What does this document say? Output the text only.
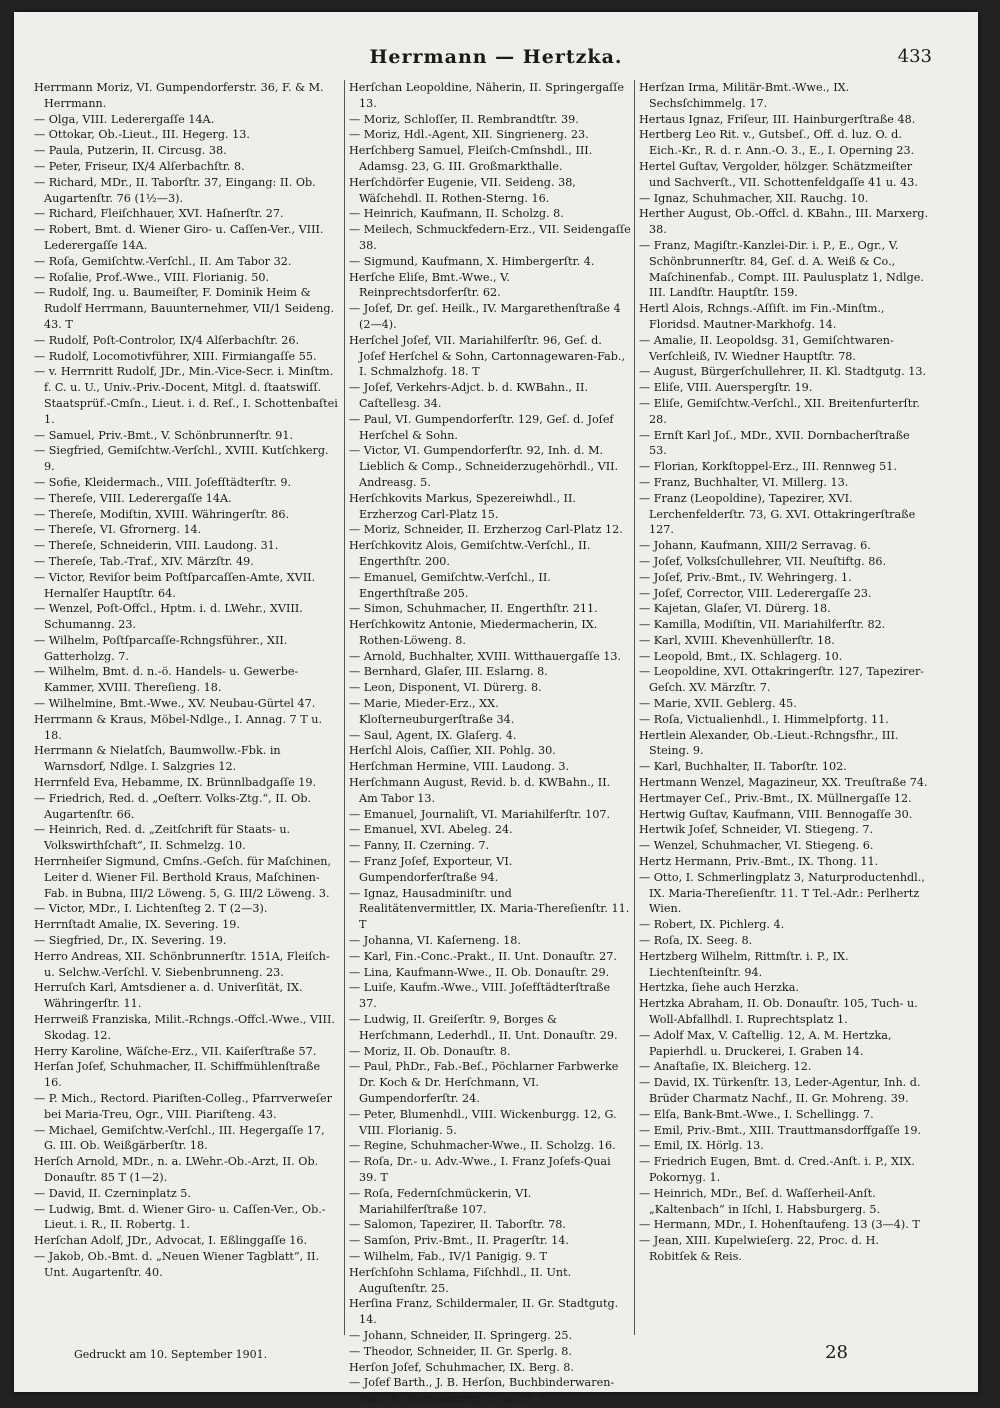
Herrmann — Hertzka.	433

Herrmann Moriz, VI. Gumpendorferstr. 36, F. & M. Herrmann.

— Olga, VIII. Lederergaſſe 14A.

— Ottokar, Ob.-Lieut., III. Hegerg. 13.

— Paula, Putzerin, II. Circusg. 38.

— Peter, Friseur, IX/4 Alſerbachſtr. 8.

— Richard, MDr., II. Taborſtr. 37, Eingang: II. Ob. Augartenſtr. 76 (1½—3).

— Richard, Fleiſchhauer, XVI. Haſnerſtr. 27.

— Robert, Bmt. d. Wiener Giro- u. Caſſen-Ver., VIII. Lederergaſſe 14A.

— Roſa, Gemiſchtw.-Verſchl., II. Am Tabor 32.

— Roſalie, Prof.-Wwe., VIII. Florianig. 50.

— Rudolf, Ing. u. Baumeiſter, F. Dominik Heim & Rudolf Herrmann, Bauunternehmer, VII/1 Seideng. 43. T

— Rudolf, Poſt-Controlor, IX/4 Alſerbachſtr. 26.

— Rudolf, Locomotivführer, XIII. Firmiangaſſe 55.

— v. Herrnritt Rudolf, JDr., Min.-Vice-Secr. i. Minſtm. f. C. u. U., Univ.-Priv.-Docent, Mitgl. d. ſtaatswiſſ. Staatsprüf.-Cmſn., Lieut. i. d. Reſ., I. Schottenbaſtei 1.

— Samuel, Priv.-Bmt., V. Schönbrunnerſtr. 91.

— Siegfried, Gemiſchtw.-Verſchl., XVIII. Kutſchkerg. 9.

— Sofie, Kleidermach., VIII. Joſefſtädterſtr. 9.

— Thereſe, VIII. Lederergaſſe 14A.

— Thereſe, Modiſtin, XVIII. Währingerſtr. 86.

— Thereſe, VI. Gfrornerg. 14.

— Thereſe, Schneiderin, VIII. Laudong. 31.

— Thereſe, Tab.-Traf., XIV. Märzſtr. 49.

— Victor, Reviſor beim Poſtſparcaſſen-Amte, XVII. Hernalſer Hauptſtr. 64.

— Wenzel, Poſt-Offcl., Hptm. i. d. LWehr., XVIII. Schumanng. 23.

— Wilhelm, Poſtſparcaſſe-Rchngsführer., XII. Gatterholzg. 7.

— Wilhelm, Bmt. d. n.-ö. Handels- u. Gewerbe-Kammer, XVIII. Thereſieng. 18.

— Wilhelmine, Bmt.-Wwe., XV. Neubau-Gürtel 47.

Herrmann & Kraus, Möbel-Ndlge., I. Annag. 7 T u. 18.

Herrmann & Nielatſch, Baumwollw.-Fbk. in Warnsdorf, Ndlge. I. Salzgries 12.

Herrnfeld Eva, Hebamme, IX. Brünnlbadgaſſe 19.

— Friedrich, Red. d. „Oeſterr. Volks-Ztg.“, II. Ob. Augartenſtr. 66.

— Heinrich, Red. d. „Zeitſchrift für Staats- u. Volkswirthſchaft“, II. Schmelzg. 10.

Herrnheiſer Sigmund, Cmſns.-Geſch. für Maſchinen, Leiter d. Wiener Fil. Berthold Kraus, Maſchinen-Fab. in Bubna, III/2 Löweng. 5, G. III/2 Löweng. 3.

— Victor, MDr., I. Lichtenſteg 2. T (2—3).

Herrnſtadt Amalie, IX. Severing. 19.

— Siegfried, Dr., IX. Severing. 19.

Herro Andreas, XII. Schönbrunnerſtr. 151A, Fleiſch- u. Selchw.-Verſchl. V. Siebenbrunneng. 23.

Herruſch Karl, Amtsdiener a. d. Univerſität, IX. Währingerſtr. 11.

Herrweiß Franziska, Milit.-Rchngs.-Offcl.-Wwe., VIII. Skodag. 12.

Herry Karoline, Wäſche-Erz., VII. Kaiſerſtraße 57.

Herſan Joſef, Schuhmacher, II. Schiffmühlenſtraße 16.

— P. Mich., Rectord. Piariſten-Colleg., Pfarrverweſer bei Maria-Treu, Ogr., VIII. Piariſteng. 43.

— Michael, Gemiſchtw.-Verſchl., III. Hegergaſſe 17, G. III. Ob. Weißgärberſtr. 18.

Herſch Arnold, MDr., n. a. LWehr.-Ob.-Arzt, II. Ob. Donauſtr. 85 T (1—2).

— David, II. Czerninplatz 5.

— Ludwig, Bmt. d. Wiener Giro- u. Caſſen-Ver., Ob.-Lieut. i. R., II. Robertg. 1.

Herſchan Adolf, JDr., Advocat, I. Eßlinggaſſe 16.

— Jakob, Ob.-Bmt. d. „Neuen Wiener Tagblatt“, II. Unt. Augartenſtr. 40.

Herſchan Leopoldine, Näherin, II. Springergaſſe 13.

— Moriz, Schloſſer, II. Rembrandtſtr. 39.

— Moriz, Hdl.-Agent, XII. Singrienerg. 23.

Herſchberg Samuel, Fleiſch-Cmſnshdl., III. Adamsg. 23, G. III. Großmarkthalle.

Herſchdörfer Eugenie, VII. Seideng. 38, Wäſchehdl. II. Rothen-Sterng. 16.

— Heinrich, Kaufmann, II. Scholzg. 8.

— Meilech, Schmuckfedern-Erz., VII. Seidengaſſe 38.

— Sigmund, Kaufmann, X. Himbergerſtr. 4.

Herſche Eliſe, Bmt.-Wwe., V. Reinprechtsdorferſtr. 62.

— Joſef, Dr. geſ. Heilk., IV. Margarethenſtraße 4 (2—4).

Herſchel Joſef, VII. Mariahilferſtr. 96, Geſ. d. Joſef Herſchel & Sohn, Cartonnagewaren-Fab., I. Schmalzhofg. 18. T

— Joſef, Verkehrs-Adjct. b. d. KWBahn., II. Caſtelleзg. 34.

— Paul, VI. Gumpendorferſtr. 129, Geſ. d. Joſef Herſchel & Sohn.

— Victor, VI. Gumpendorferſtr. 92, Inh. d. M. Lieblich & Comp., Schneiderzugehörhdl., VII. Andreasg. 5.

Herſchkovits Markus, Spezereiwhdl., II. Erzherzog Carl-Platz 15.

— Moriz, Schneider, II. Erzherzog Carl-Platz 12.

Herſchkovitz Alois, Gemiſchtw.-Verſchl., II. Engerthſtr. 200.

— Emanuel, Gemiſchtw.-Verſchl., II. Engerthſtraße 205.

— Simon, Schuhmacher, II. Engerthſtr. 211.

Herſchkowitz Antonie, Miedermacherin, IX. Rothen-Löweng. 8.

— Arnold, Buchhalter, XVIII. Witthauergaſſe 13.

— Bernhard, Glaſer, III. Eslarng. 8.

— Leon, Disponent, VI. Dürerg. 8.

— Marie, Mieder-Erz., XX. Kloſterneuburgerſtraße 34.

— Saul, Agent, IX. Glaſerg. 4.

Herſchl Alois, Caſſier, XII. Pohlg. 30.

Herſchman Hermine, VIII. Laudong. 3.

Herſchmann August, Revid. b. d. KWBahn., II. Am Tabor 13.

— Emanuel, Journaliſt, VI. Mariahilferſtr. 107.

— Emanuel, XVI. Abeleg. 24.

— Fanny, II. Czerning. 7.

— Franz Joſef, Exporteur, VI. Gumpendorferſtraße 94.

— Ignaz, Hausadminiſtr. und Realitätenvermittler, IX. Maria-Thereſienſtr. 11. T

— Johanna, VI. Kaſerneng. 18.

— Karl, Fin.-Conc.-Prakt., II. Unt. Donauſtr. 27.

— Lina, Kaufmann-Wwe., II. Ob. Donauſtr. 29.

— Luiſe, Kaufm.-Wwe., VIII. Joſefſtädterſtraße 37.

— Ludwig, II. Greiſerſtr. 9, Borges & Herſchmann, Lederhdl., II. Unt. Donauſtr. 29.

— Moriz, II. Ob. Donauſtr. 8.

— Paul, PhDr., Fab.-Beſ., Pöchlarner Farbwerke Dr. Koch & Dr. Herſchmann, VI. Gumpendorferſtr. 24.

— Peter, Blumenhdl., VIII. Wickenburgg. 12, G. VIII. Florianig. 5.

— Regine, Schuhmacher-Wwe., II. Scholzg. 16.

— Roſa, Dr.- u. Adv.-Wwe., I. Franz Joſefs-Quai 39. T

— Roſa, Federnſchmückerin, VI. Mariahilferſtraße 107.

— Salomon, Tapezirer, II. Taborſtr. 78.

— Samſon, Priv.-Bmt., II. Pragerſtr. 14.

— Wilhelm, Fab., IV/1 Panigig. 9. T

Herſchſohn Schlama, Fiſchhdl., II. Unt. Auguſtenſtr. 25.

Herſina Franz, Schildermaler, II. Gr. Stadtgutg. 14.

— Johann, Schneider, II. Springerg. 25.

— Theodor, Schneider, II. Gr. Sperlg. 8.

Herſon Joſef, Schuhmacher, IX. Berg. 8.

— Joſef Barth., J. B. Herſon, Buchbinderwaren-Fab., X. Puchsbaumg. 25 u. 27. T

Herſzan Irma, Militär-Bmt.-Wwe., IX. Sechsſchimmelg. 17.

Hertaus Ignaz, Friſeur, III. Hainburgerſtraße 48.

Hertberg Leo Rit. v., Gutsbeſ., Off. d. luz. O. d. Eich.-Kr., R. d. r. Ann.-O. 3., E., I. Operning 23.

Hertel Guſtav, Vergolder, hölzger. Schätzmeiſter und Sachverſt., VII. Schottenfeldgaſſe 41 u. 43.

— Ignaz, Schuhmacher, XII. Rauchg. 10.

Herther August, Ob.-Offcl. d. KBahn., III. Marxerg. 38.

— Franz, Magiſtr.-Kanzlei-Dir. i. P., E., Ogr., V. Schönbrunnerſtr. 84, Geſ. d. A. Weiß & Co., Maſchinenfab., Compt. III. Paulusplatz 1, Ndlge. III. Landſtr. Hauptſtr. 159.

Hertl Alois, Rchngs.-Aſſiſt. im Fin.-Minſtm., Floridsd. Mautner-Markhofg. 14.

— Amalie, II. Leopoldsg. 31, Gemiſchtwaren-Verſchleiß, IV. Wiedner Hauptſtr. 78.

— August, Bürgerſchullehrer, II. Kl. Stadtgutg. 13.

— Eliſe, VIII. Auerspergſtr. 19.

— Eliſe, Gemiſchtw.-Verſchl., XII. Breitenfurterſtr. 28.

— Ernſt Karl Joſ., MDr., XVII. Dornbacherſtraße 53.

— Florian, Korkſtoppel-Erz., III. Rennweg 51.

— Franz, Buchhalter, VI. Millerg. 13.

— Franz (Leopoldine), Tapezirer, XVI. Lerchenfelderſtr. 73, G. XVI. Ottakringerſtraße 127.

— Johann, Kaufmann, XIII/2 Serravag. 6.

— Joſef, Volksſchullehrer, VII. Neuſtiftg. 86.

— Joſef, Priv.-Bmt., IV. Wehringerg. 1.

— Joſef, Corrector, VIII. Lederergaſſe 23.

— Kajetan, Glaſer, VI. Dürerg. 18.

— Kamilla, Modiſtin, VII. Mariahilferſtr. 82.

— Karl, XVIII. Khevenhüllerſtr. 18.

— Leopold, Bmt., IX. Schlagerg. 10.

— Leopoldine, XVI. Ottakringerſtr. 127, Tapezirer-Geſch. XV. Märzſtr. 7.

— Marie, XVII. Geblerg. 45.

— Roſa, Victualienhdl., I. Himmelpfortg. 11.

Hertlein Alexander, Ob.-Lieut.-Rchngsfhr., III. Steing. 9.

— Karl, Buchhalter, II. Taborſtr. 102.

Hertmann Wenzel, Magazineur, XX. Treuſtraße 74.

Hertmayer Ceſ., Priv.-Bmt., IX. Müllnergaſſe 12.

Hertwig Guſtav, Kaufmann, VIII. Bennogaſſe 30.

Hertwik Joſef, Schneider, VI. Stiegeng. 7.

— Wenzel, Schuhmacher, VI. Stiegeng. 6.

Hertz Hermann, Priv.-Bmt., IX. Thong. 11.

— Otto, I. Schmerlingplatz 3, Naturproductenhdl., IX. Maria-Thereſienſtr. 11. T Tel.-Adr.: Perlhertz Wien.

— Robert, IX. Pichlerg. 4.

— Roſa, IX. Seeg. 8.

Hertzberg Wilhelm, Rittmſtr. i. P., IX. Liechtenſteinſtr. 94.

Hertzka, ſiehe auch Herzka.

Hertzka Abraham, II. Ob. Donauſtr. 105, Tuch- u. Woll-Abfallhdl. I. Ruprechtsplatz 1.

— Adolf Max, V. Caſtellig. 12, A. M. Hertzka, Papierhdl. u. Druckerei, I. Graben 14.

— Anaſtaſie, IX. Bleicherg. 12.

— David, IX. Türkenſtr. 13, Leder-Agentur, Inh. d. Brüder Charmatz Nachf., II. Gr. Mohreng. 39.

— Elſa, Bank-Bmt.-Wwe., I. Schellingg. 7.

— Emil, Priv.-Bmt., XIII. Trauttmansdorffgaſſe 19.

— Emil, IX. Hörlg. 13.

— Friedrich Eugen, Bmt. d. Cred.-Anſt. i. P., XIX. Pokornyg. 1.

— Heinrich, MDr., Beſ. d. Waſſerheil-Anſt. „Kaltenbach“ in Iſchl, I. Habsburgerg. 5.

— Hermann, MDr., I. Hohenſtaufeng. 13 (3—4). T

— Jean, XIII. Kupelwieſerg. 22, Proc. d. H. Robitſek & Reis.

Gedruckt am 10. September 1901.	28
